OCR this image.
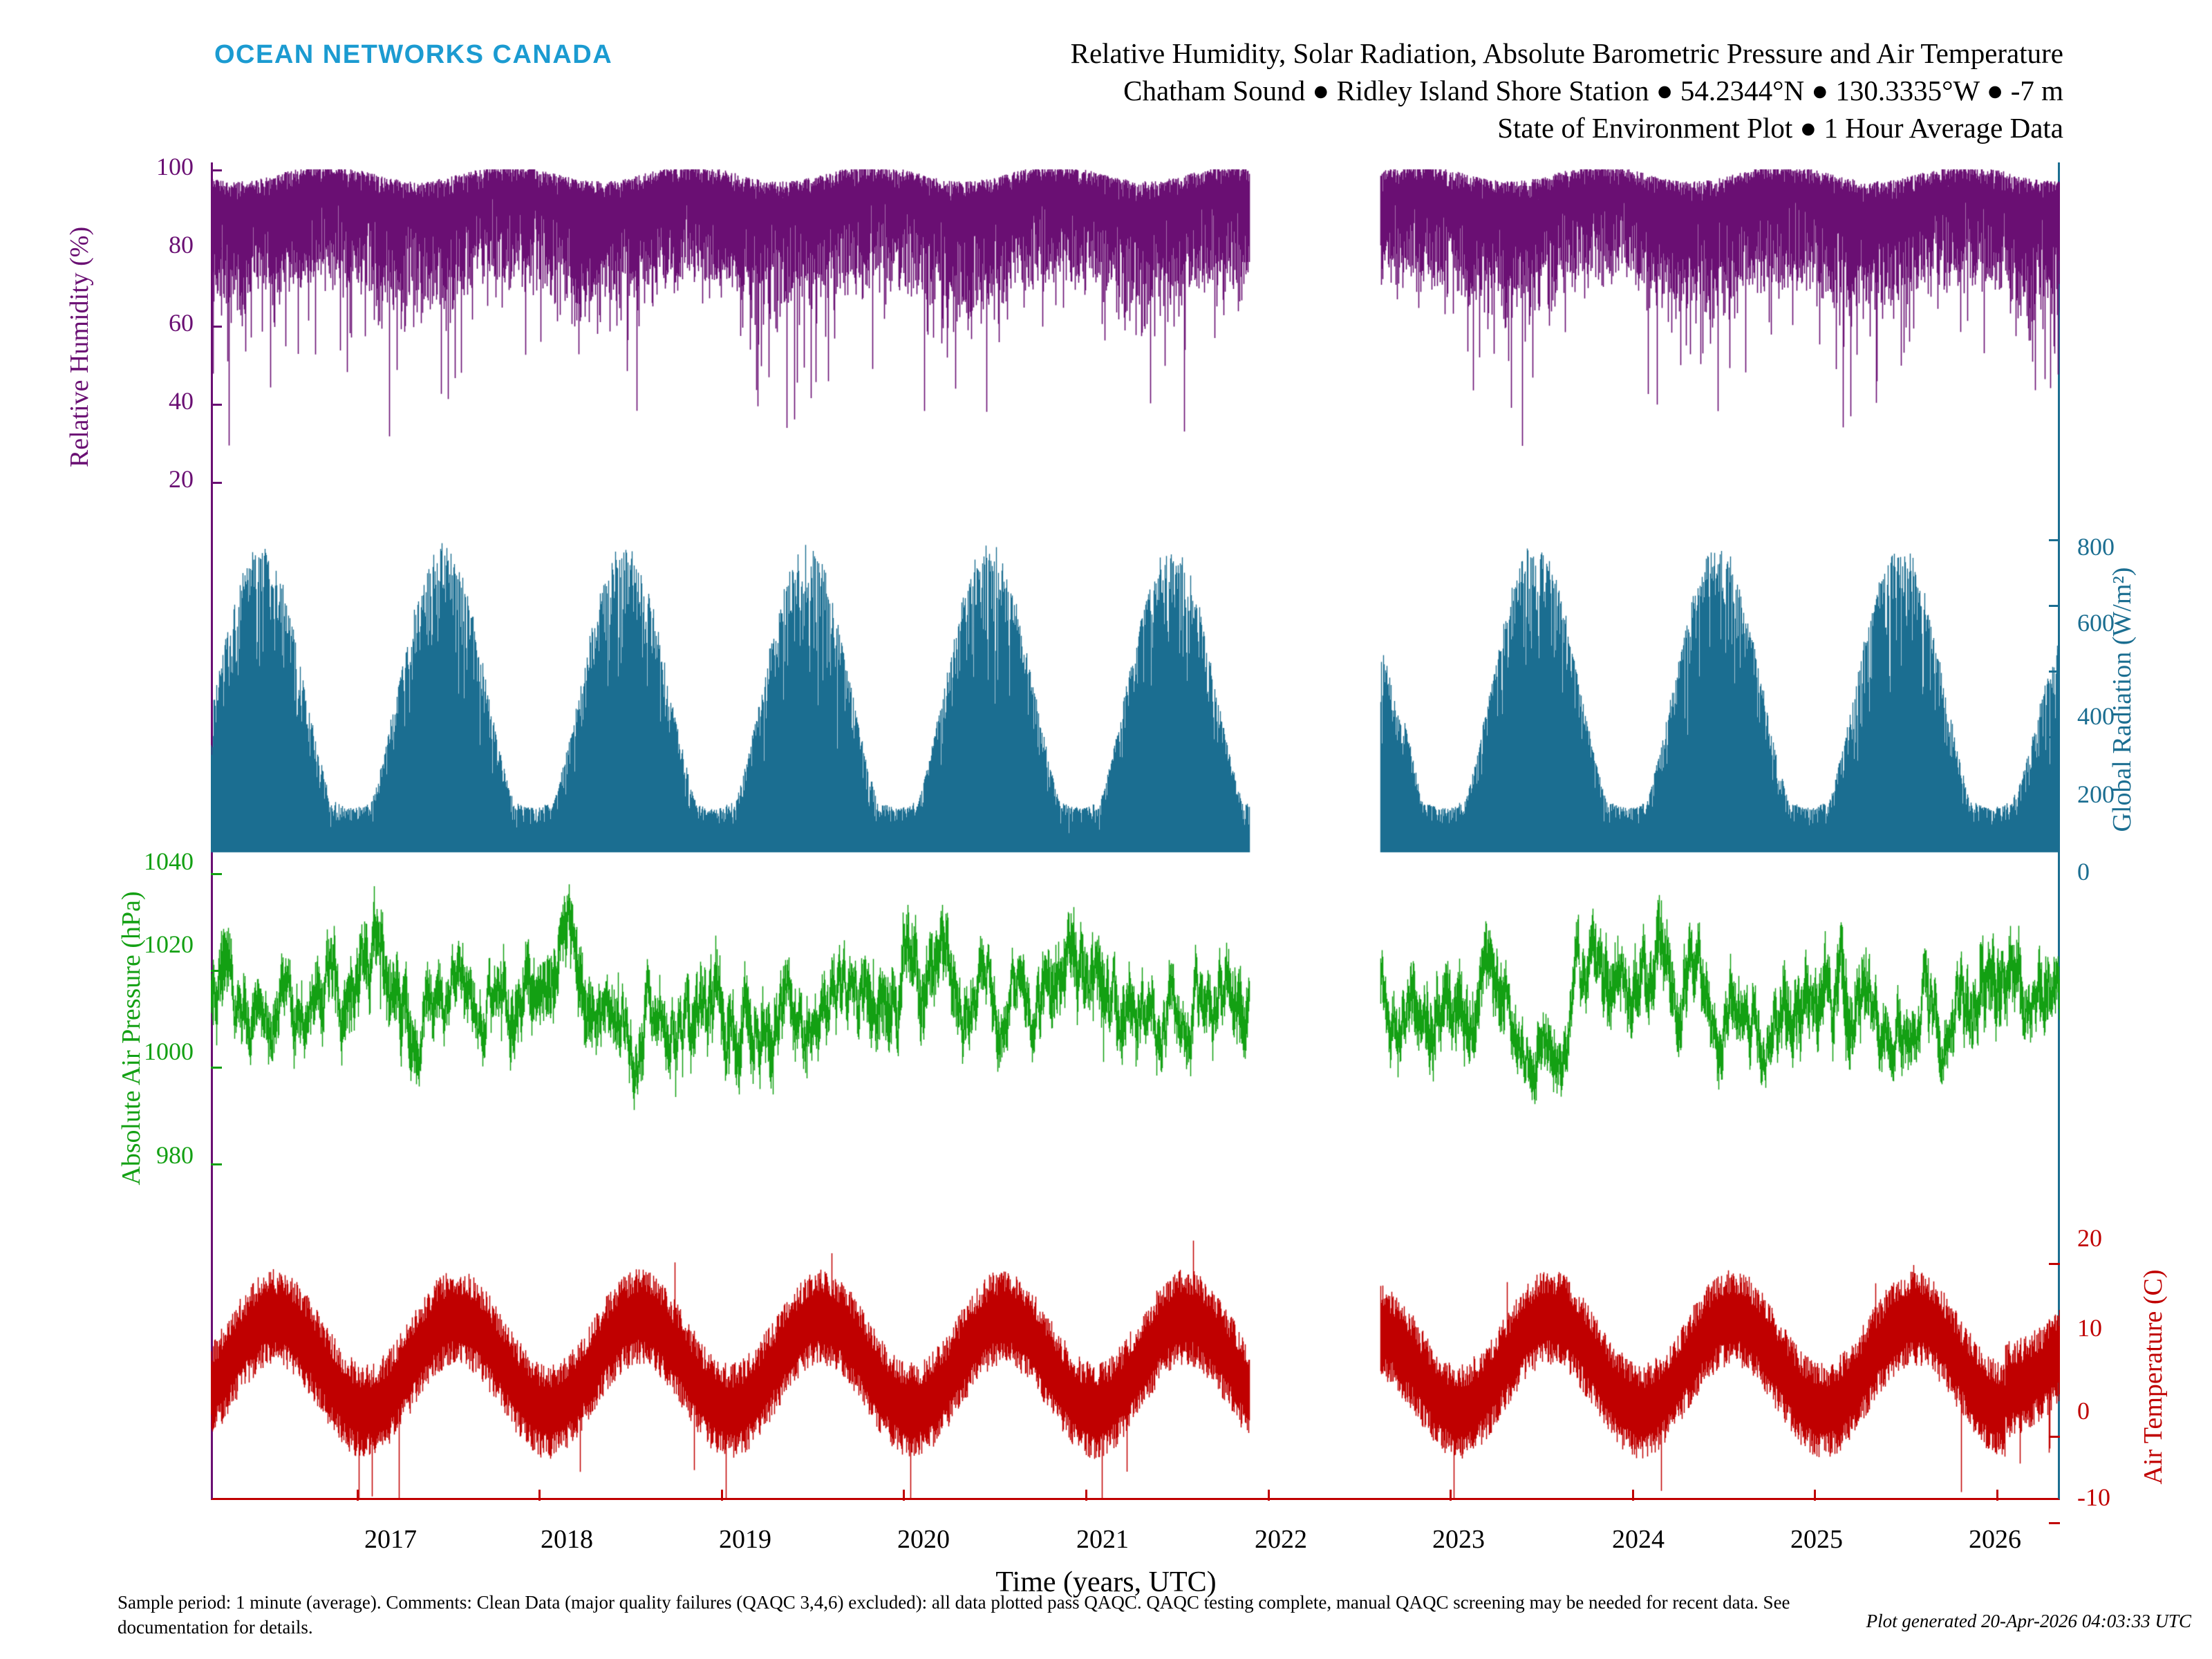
OCEAN NETWORKS CANADA	Relative Humidity, Solar Radiation, Absolute Barometric Pressure and Air Temperature
Chatham Sound ● Ridley Island Shore Station ● 54.2344°N ● 130.3335°W ● -7 m
State of Environment Plot ● 1 Hour Average Data
Relative Humidity (%)
Global Radiation (W/m²)
Absolute Air Pressure (hPa)
Air Temperature (C)
100
80
60
40
20
800
600
400
200
0
1040
1020
1000
980
20
10
0
-10
2017	2018	2019	2020	2021	2022	2023	2024	2025	2026
Time (years, UTC)
Sample period: 1 minute (average). Comments: Clean Data (major quality failures (QAQC 3,4,6) excluded): all data plotted pass QAQC. QAQC testing complete, manual QAQC screening may be needed for recent data. See documentation for details.	Plot generated 20-Apr-2026 04:03:33 UTC
